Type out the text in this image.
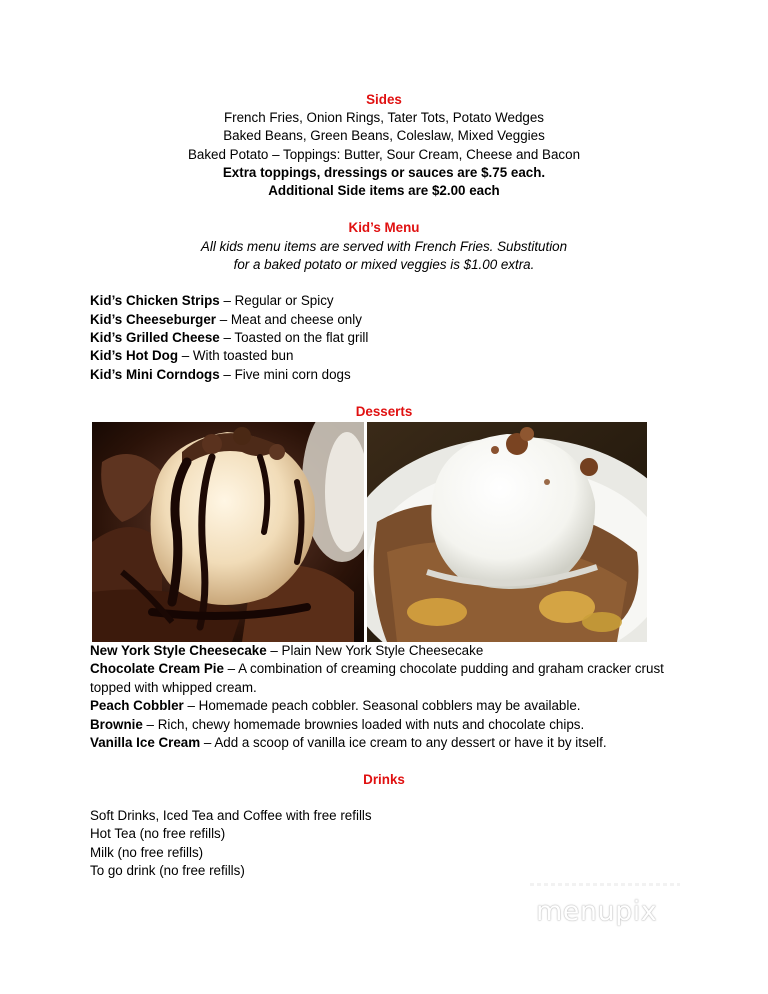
Sides
French Fries, Onion Rings, Tater Tots, Potato Wedges
Baked Beans, Green Beans, Coleslaw, Mixed Veggies
Baked Potato – Toppings: Butter, Sour Cream, Cheese and Bacon
Extra toppings, dressings or sauces are $.75 each.
Additional Side items are $2.00 each
Kid’s Menu
All kids menu items are served with French Fries. Substitution
for a baked potato or mixed veggies is $1.00 extra.
Kid’s Chicken Strips – Regular or Spicy
Kid’s Cheeseburger – Meat and cheese only
Kid’s Grilled Cheese – Toasted on the flat grill
Kid’s Hot Dog – With toasted bun
Kid’s Mini Corndogs – Five mini corn dogs
Desserts
New York Style Cheesecake – Plain New York Style Cheesecake
Chocolate Cream Pie – A combination of creaming chocolate pudding and graham cracker crust
topped with whipped cream.
Peach Cobbler – Homemade peach cobbler. Seasonal cobblers may be available.
Brownie – Rich, chewy homemade brownies loaded with nuts and chocolate chips.
Vanilla Ice Cream – Add a scoop of vanilla ice cream to any dessert or have it by itself.
Drinks
Soft Drinks, Iced Tea and Coffee with free refills
Hot Tea (no free refills)
Milk (no free refills)
To go drink (no free refills)
menupix
